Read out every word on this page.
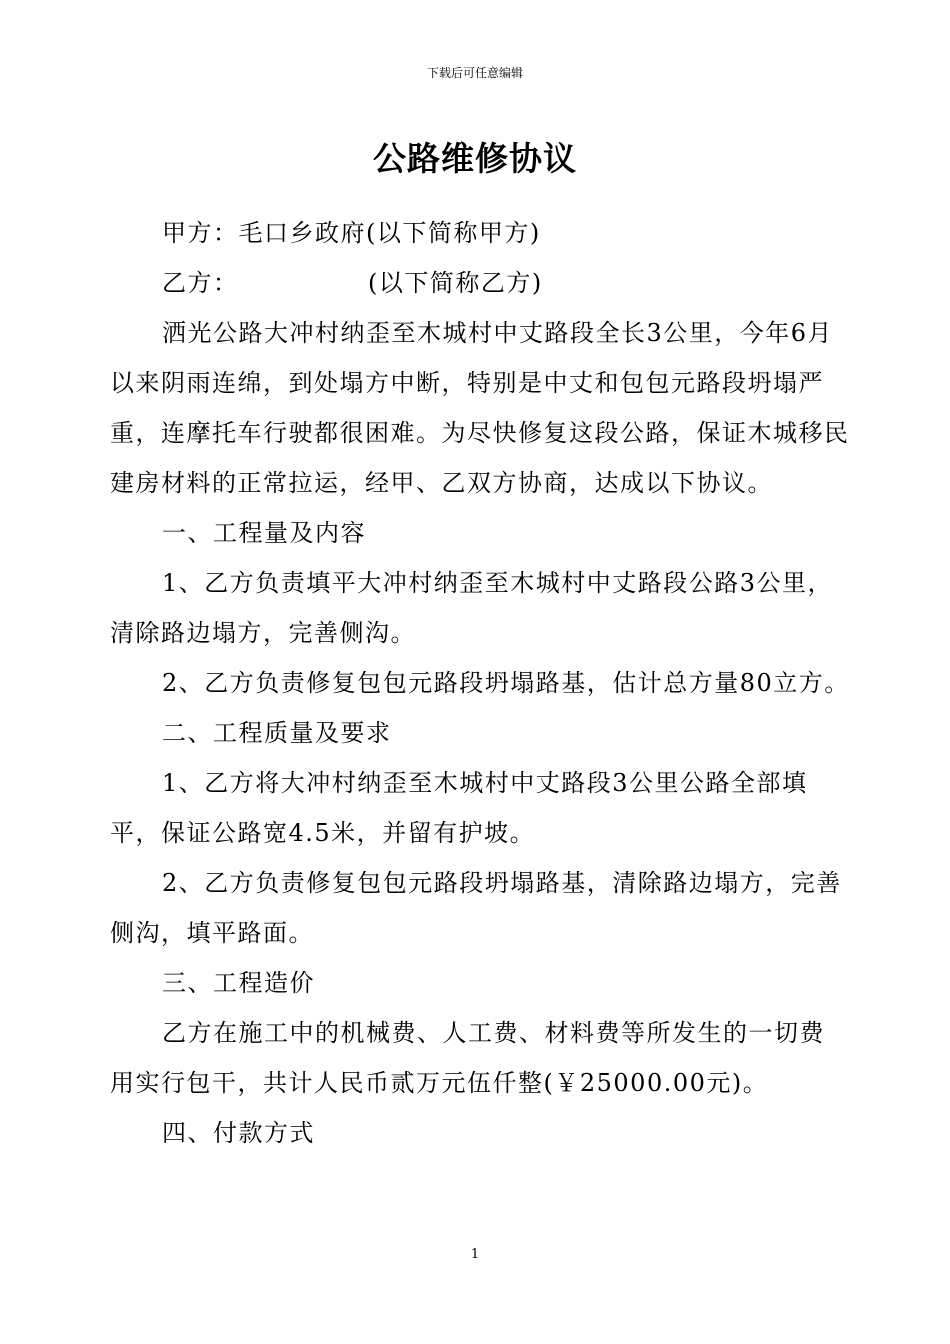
下载后可任意编辑
公路维修协议

甲方：毛口乡政府(以下简称甲方)

乙方：	(以下简称乙方)

洒光公路大冲村纳歪至木城村中丈路段全长3公里，今年6月以来阴雨连绵，到处塌方中断，特别是中丈和包包元路段坍塌严重，连摩托车行驶都很困难。为尽快修复这段公路，保证木城移民建房材料的正常拉运，经甲、乙双方协商，达成以下协议。

一、工程量及内容

1、乙方负责填平大冲村纳歪至木城村中丈路段公路3公里，清除路边塌方，完善侧沟。

2、乙方负责修复包包元路段坍塌路基，估计总方量80立方。

二、工程质量及要求

1、乙方将大冲村纳歪至木城村中丈路段3公里公路全部填平，保证公路宽4.5米，并留有护坡。

2、乙方负责修复包包元路段坍塌路基，清除路边塌方，完善侧沟，填平路面。

三、工程造价

乙方在施工中的机械费、人工费、材料费等所发生的一切费用实行包干，共计人民币贰万元伍仟整(￥25000.00元)。

四、付款方式

1
